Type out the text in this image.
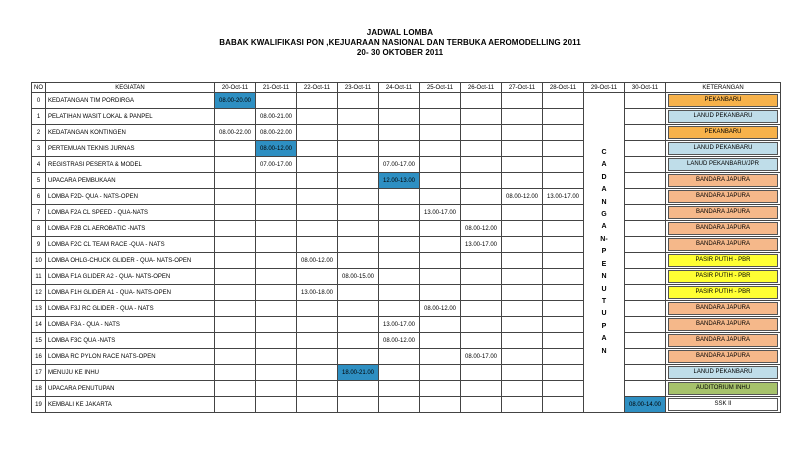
JADWAL LOMBA
BABAK KWALIFIKASI PON ,KEJUARAAN NASIONAL DAN TERBUKA AEROMODELLING 2011
20- 30 OKTOBER 2011
NO	KEGIATAN	20-Oct-11	21-Oct-11	22-Oct-11	23-Oct-11	24-Oct-11	25-Oct-11	26-Oct-11	27-Oct-11	28-Oct-11	29-Oct-11	30-Oct-11	KETERANGAN
0	KEDATANGAN TIM PORDIRGA	08.00-20.00									CADANGAN-PENUTUPAN		PEKANBARU

1	PELATIHAN WASIT LOKAL & PANPEL		08.00-21.00										LANUD PEKANBARU

2	KEDATANGAN KONTINGEN	08.00-22.00	08.00-22.00										PEKANBARU

3	PERTEMUAN TEKNIS JURNAS		08.00-12.00										LANUD PEKANBARU

4	REGISTRASI PESERTA & MODEL		07.00-17.00			07.00-17.00							LANUD PEKANBARU/JPR

5	UPACARA PEMBUKAAN					12.00-13.00							BANDARA JAPURA

6	LOMBA F2D- QUA - NATS-OPEN								08.00-12.00	13.00-17.00			BANDARA JAPURA

7	LOMBA F2A CL SPEED - QUA-NATS						13.00-17.00						BANDARA JAPURA

8	LOMBA F2B CL AEROBATIC -NATS							08.00-12.00					BANDARA JAPURA

9	LOMBA F2C CL TEAM RACE -QUA - NATS							13.00-17.00					BANDARA JAPURA

10	LOMBA OHLG-CHUCK GLIDER - QUA- NATS-OPEN			08.00-12.00									PASIR PUTIH - PBR

11	LOMBA F1A GLIDER A2 - QUA- NATS-OPEN				08.00-15.00								PASIR PUTIH - PBR

12	LOMBA F1H GLIDER A1 - QUA- NATS-OPEN			13.00-18.00									PASIR PUTIH - PBR

13	LOMBA F3J RC GLIDER - QUA - NATS						08.00-12.00						BANDARA JAPURA

14	LOMBA F3A - QUA - NATS					13.00-17.00							BANDARA JAPURA

15	LOMBA F3C QUA -NATS					08.00-12.00							BANDARA JAPURA

16	LOMBA RC PYLON RACE NATS-OPEN							08.00-17.00					BANDARA JAPURA

17	MENUJU KE INHU				18.00-21.00								LANUD PEKANBARU

18	UPACARA PENUTUPAN												AUDITORIUM INHU

19	KEMBALI KE JAKARTA											08.00-14.00	SSK II
